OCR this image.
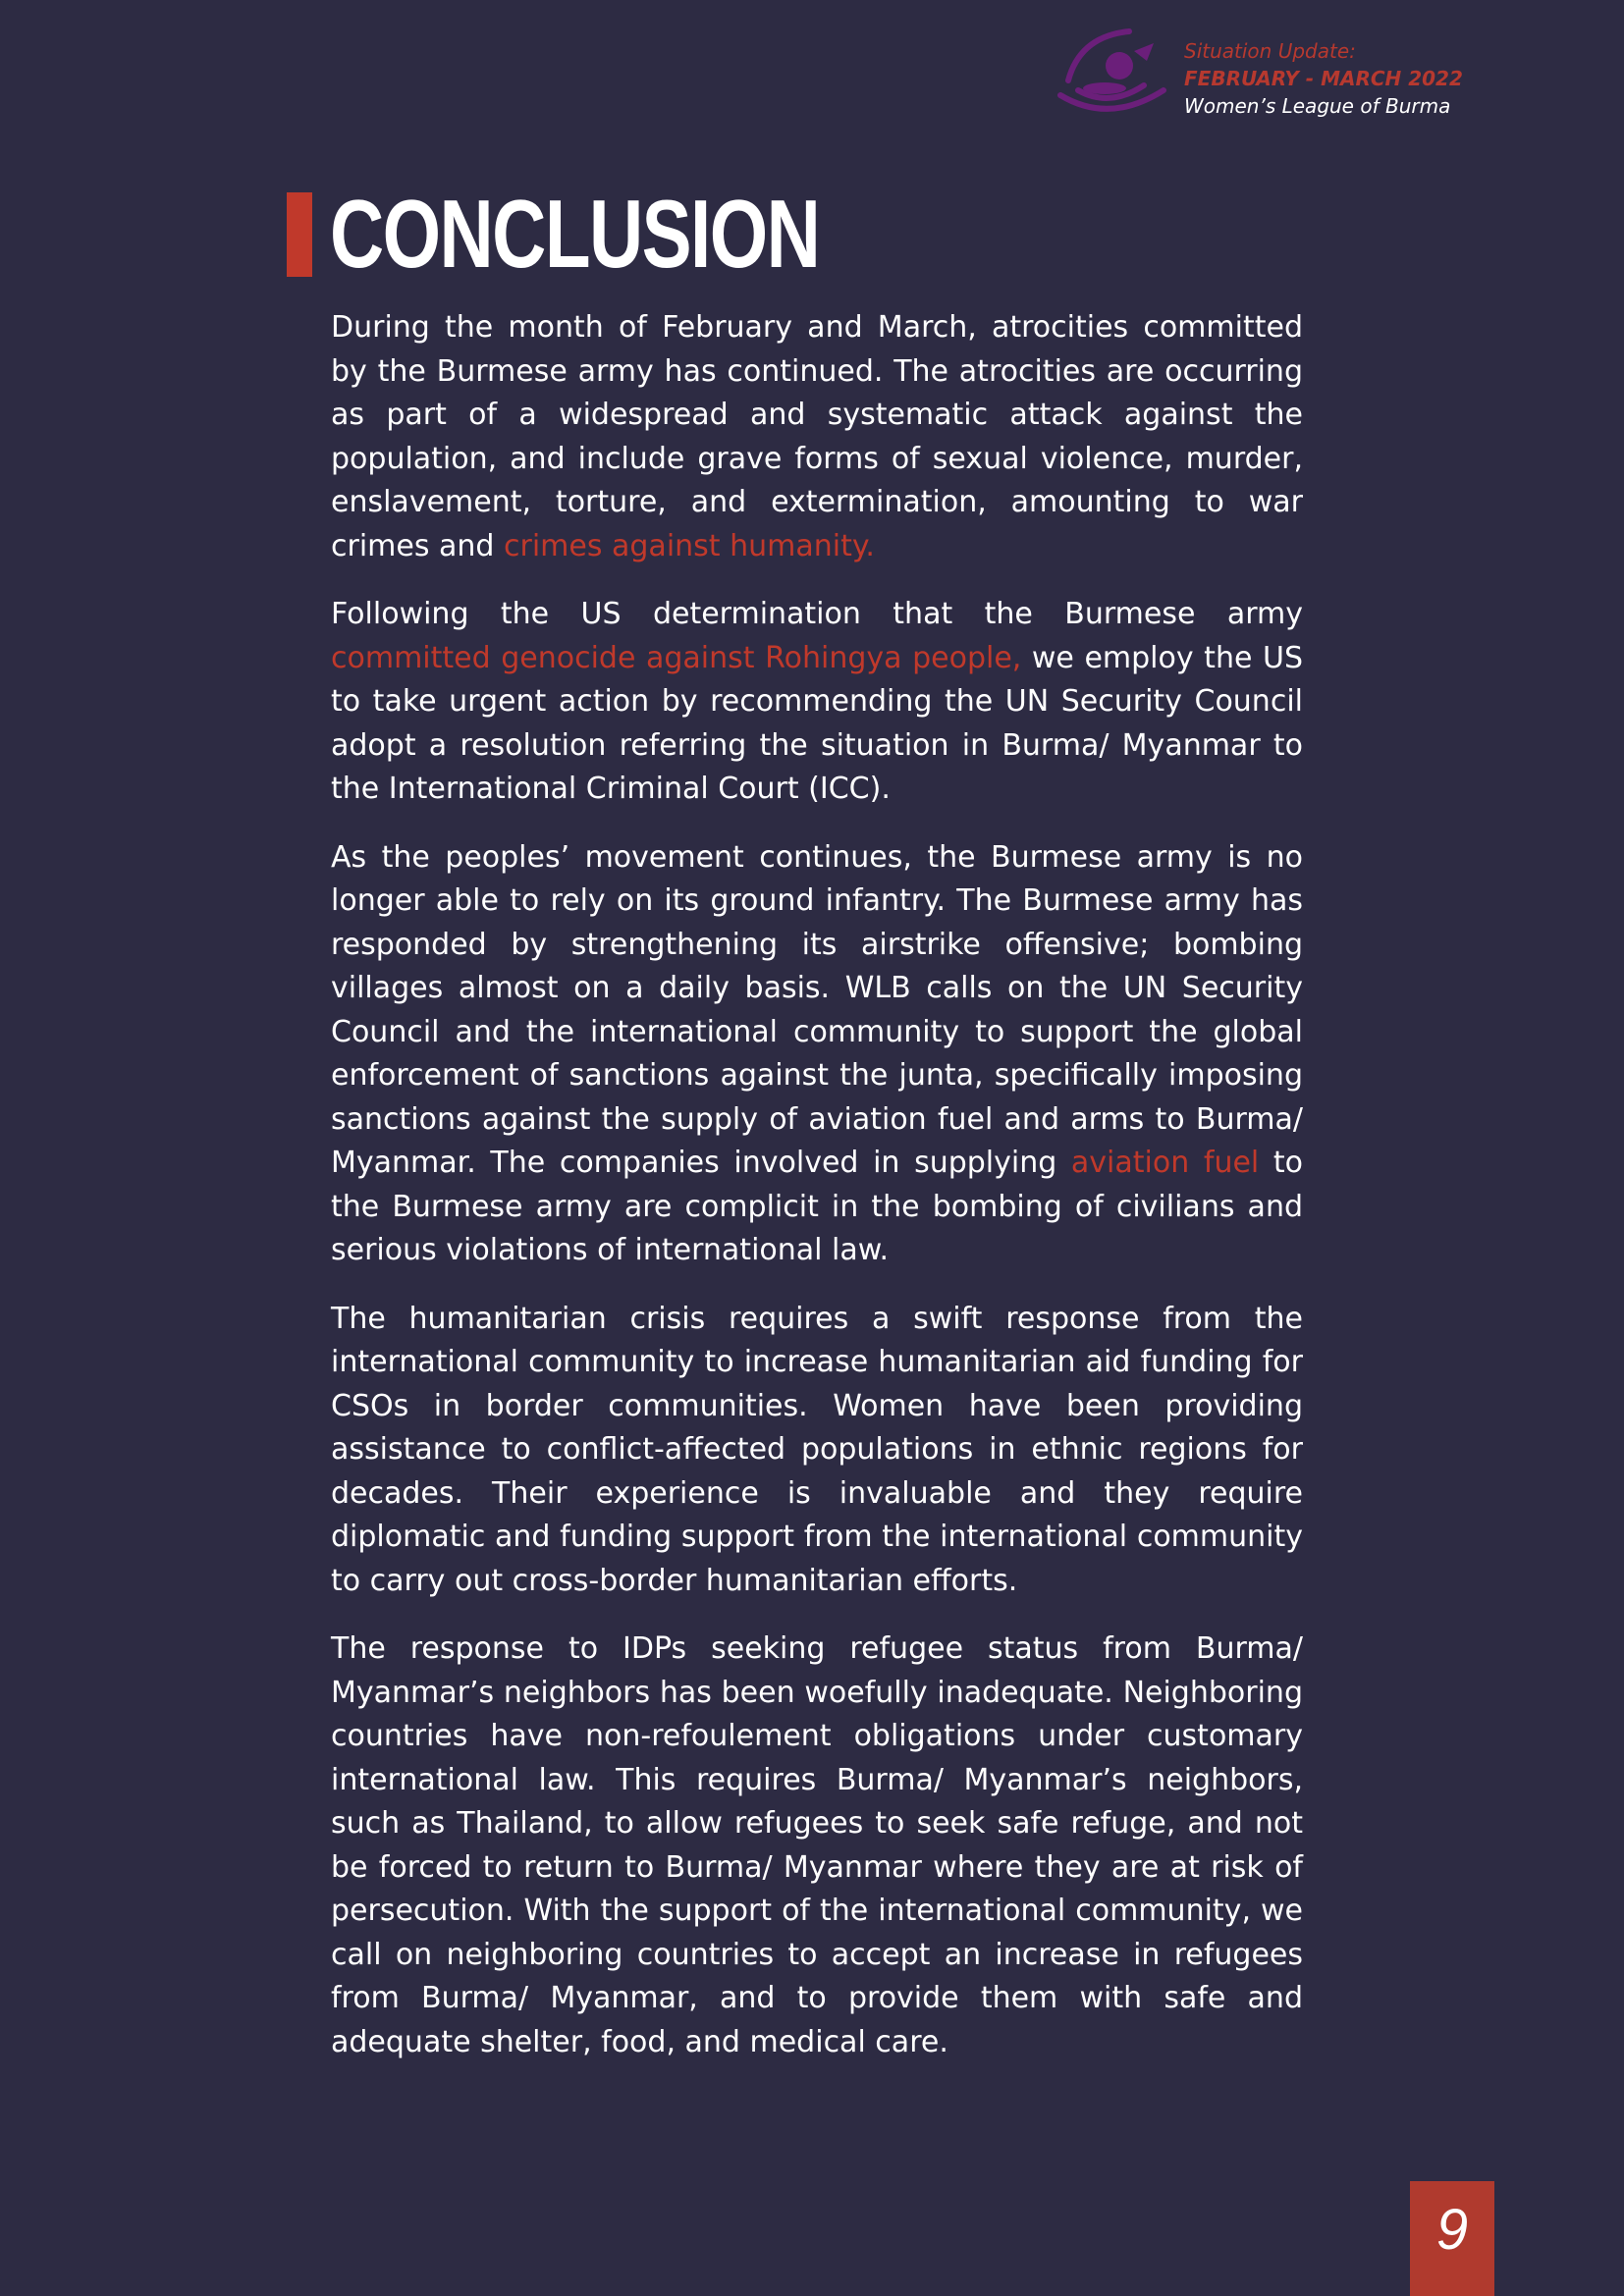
Situation Update:
FEBRUARY - MARCH 2022
Women’s League of Burma
CONCLUSION

During the month of February and March, atrocities committed by the Burmese army has continued. The atrocities are occurring as part of a widespread and systematic attack against the population, and include grave forms of sexual violence, murder, enslavement, torture, and extermination, amounting to war crimes and crimes against humanity.

Following the US determination that the Burmese army committed genocide against Rohingya people, we employ the US to take urgent action by recommending the UN Security Council adopt a resolution referring the situation in Burma/ Myanmar to the International Criminal Court (ICC).

As the peoples’ movement continues, the Burmese army is no longer able to rely on its ground infantry. The Burmese army has responded by strengthening its airstrike offensive; bombing villages almost on a daily basis. WLB calls on the UN Security Council and the international community to support the global enforcement of sanctions against the junta, specifically imposing sanctions against the supply of aviation fuel and arms to Burma/ Myanmar. The companies involved in supplying aviation fuel to the Burmese army are complicit in the bombing of civilians and serious violations of international law.

The humanitarian crisis requires a swift response from the international community to increase humanitarian aid funding for CSOs in border communities. Women have been providing assistance to conflict-affected populations in ethnic regions for decades. Their experience is invaluable and they require diplomatic and funding support from the international community to carry out cross-border humanitarian efforts.

The response to IDPs seeking refugee status from Burma/ Myanmar’s neighbors has been woefully inadequate. Neighboring countries have non-refoulement obligations under customary international law. This requires Burma/ Myanmar’s neighbors, such as Thailand, to allow refugees to seek safe refuge, and not be forced to return to Burma/ Myanmar where they are at risk of persecution. With the support of the international community, we call on neighboring countries to accept an increase in refugees from Burma/ Myanmar, and to provide them with safe and adequate shelter, food, and medical care.

9
